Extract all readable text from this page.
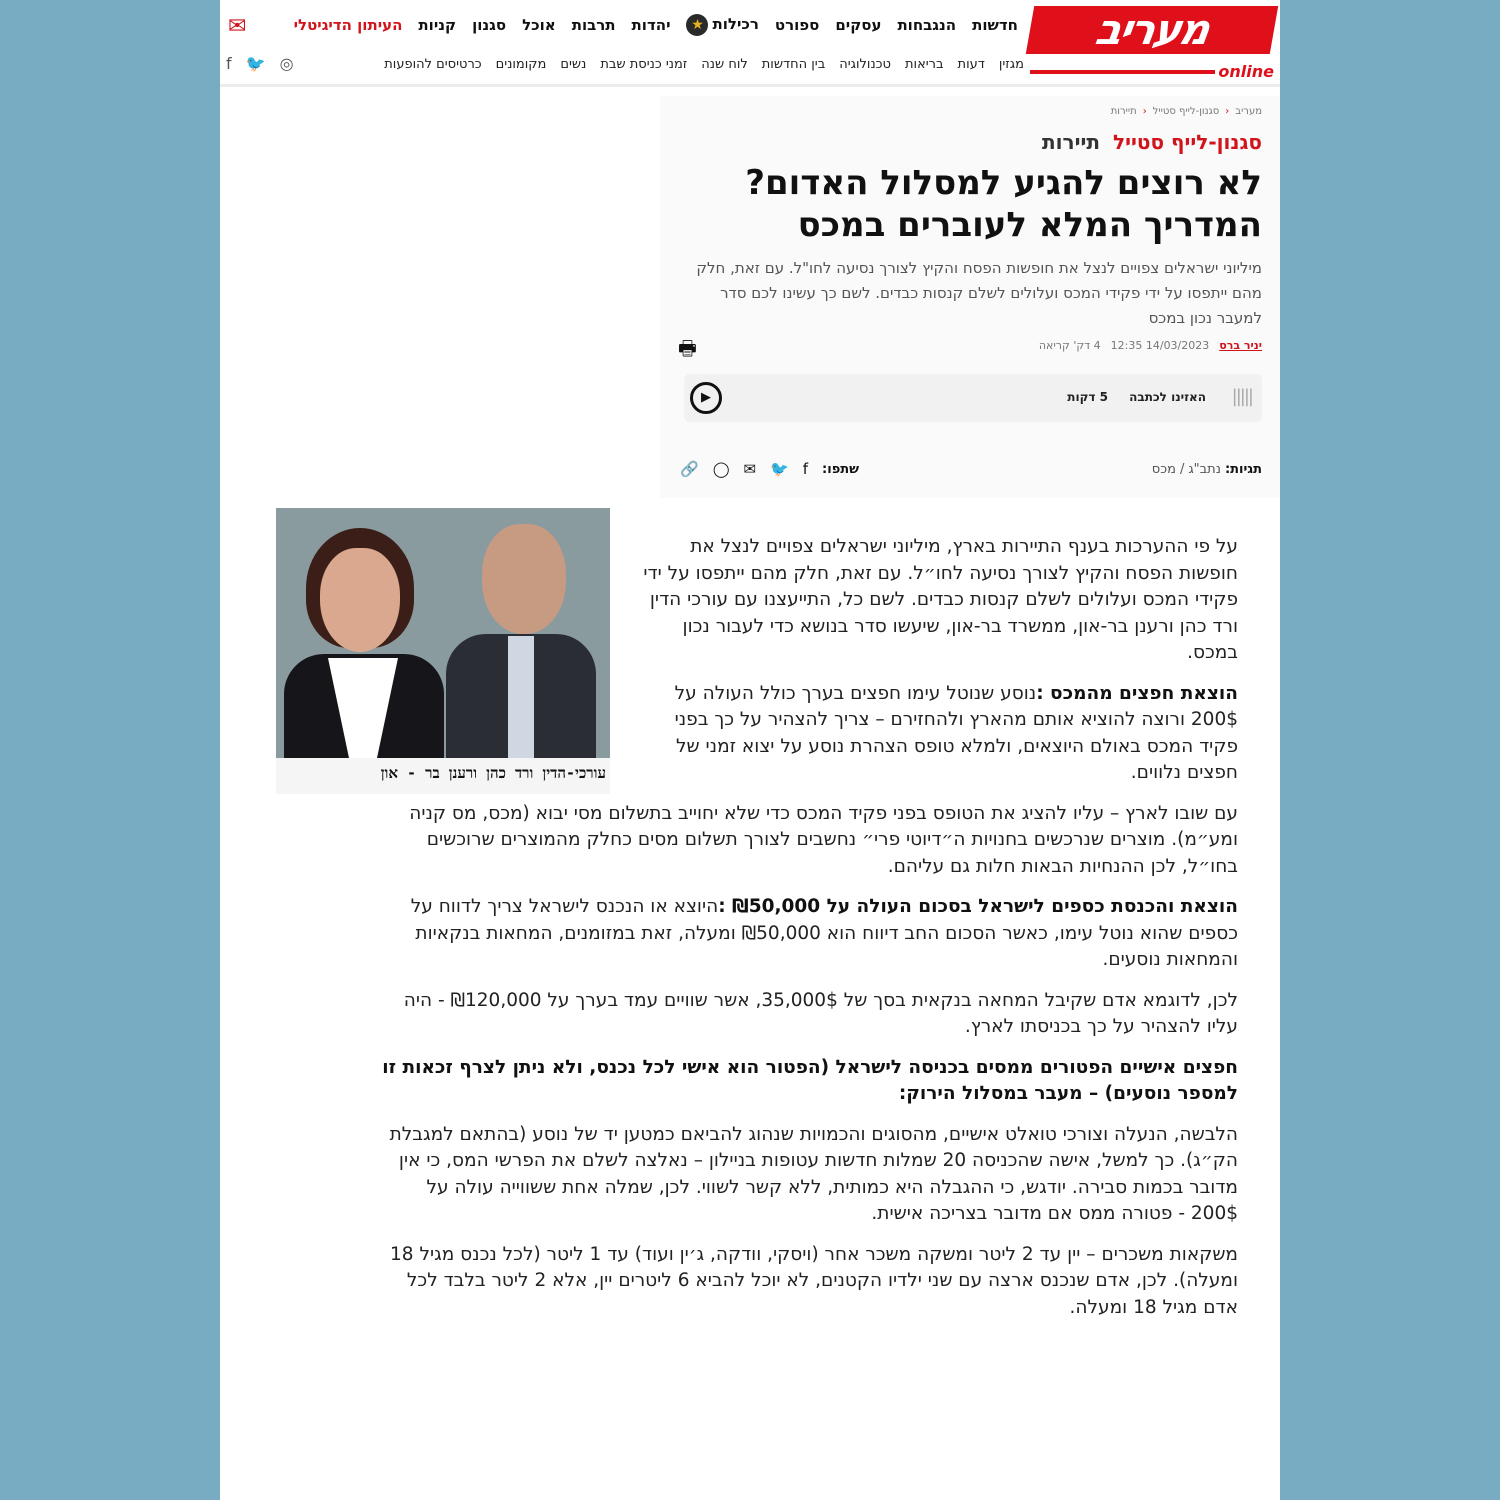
מעריב
online
חדשות
הנגבחות
עסקים
ספורט
רכילות★
יהדות
תרבות
אוכל
סגנון
קניות
העיתון הדיגיטלי
מגזין
דעות
בריאות
טכנולוגיה
בין החדשות
לוח שנה
זמני כניסת שבת
נשים
מקומונים
כרטיסים להופעות
✉
◎
🐦
f
מעריב
‹
סגנון-לייף סטייל
‹
תיירות
סגנון-לייף סטייל תיירות
לא רוצים להגיע למסלול האדום? המדריך המלא לעוברים במכס
מיליוני ישראלים צפויים לנצל את חופשות הפסח והקיץ לצורך נסיעה לחו"ל. עם זאת, חלק מהם ייתפסו על ידי פקידי המכס ועלולים לשלם קנסות כבדים. לשם כך עשינו לכם סדר למעבר נכון במכס
יניר ברס
14/03/2023 12:35
4 דק' קריאה
🖶
|||||
האזינו לכתבה
5 דקות
▶
תגיות:
נתב"ג
/
מכס
שתפו:
f
🐦
✉
◯
🔗
עורכי-הדין ורד כהן ורענן בר - און

על פי ההערכות בענף התיירות בארץ, מיליוני ישראלים צפויים לנצל את חופשות הפסח והקיץ לצורך נסיעה לחו״ל. עם זאת, חלק מהם ייתפסו על ידי פקידי המכס ועלולים לשלם קנסות כבדים. לשם כל, התייעצנו עם עורכי הדין ורד כהן ורענן בר-און, ממשרד בר-און, שיעשו סדר בנושא כדי לעבור נכון במכס.

הוצאת חפצים מהמכס :נוסע שנוטל עימו חפצים בערך כולל העולה על 200$ ורוצה להוציא אותם מהארץ ולהחזירם – צריך להצהיר על כך בפני פקיד המכס באולם היוצאים, ולמלא טופס הצהרת נוסע על יצוא זמני של חפצים נלווים.

עם שובו לארץ – עליו להציג את הטופס בפני פקיד המכס כדי שלא יחוייב בתשלום מסי יבוא (מכס, מס קניה ומע״מ). מוצרים שנרכשים בחנויות ה״דיוטי פרי״ נחשבים לצורך תשלום מסים כחלק מהמוצרים שרוכשים בחו״ל, לכן ההנחיות הבאות חלות גם עליהם.

הוצאת והכנסת כספים לישראל בסכום העולה על ₪50,000 :היוצא או הנכנס לישראל צריך לדווח על כספים שהוא נוטל עימו, כאשר הסכום החב דיווח הוא ₪50,000 ומעלה, זאת במזומנים, המחאות בנקאיות והמחאות נוסעים.

לכן, לדוגמא אדם שקיבל המחאה בנקאית בסך של 35,000$, אשר שוויים עמד בערך על ₪120,000 - היה עליו להצהיר על כך בכניסתו לארץ.

חפצים אישיים הפטורים ממסים בכניסה לישראל (הפטור הוא אישי לכל נכנס, ולא ניתן לצרף זכאות זו למספר נוסעים) – מעבר במסלול הירוק:

הלבשה, הנעלה וצורכי טואלט אישיים, מהסוגים והכמויות שנהוג להביאם כמטען יד של נוסע (בהתאם למגבלת הק״ג). כך למשל, אישה שהכניסה 20 שמלות חדשות עטופות בניילון – נאלצה לשלם את הפרשי המס, כי אין מדובר בכמות סבירה. יודגש, כי ההגבלה היא כמותית, ללא קשר לשווי. לכן, שמלה אחת ששווייה עולה על 200$ - פטורה ממס אם מדובר בצריכה אישית.

משקאות משכרים – יין עד 2 ליטר ומשקה משכר אחר (ויסקי, וודקה, ג׳ין ועוד) עד 1 ליטר (לכל נכנס מגיל 18 ומעלה). לכן, אדם שנכנס ארצה עם שני ילדיו הקטנים, לא יוכל להביא 6 ליטרים יין, אלא 2 ליטר בלבד לכל אדם מגיל 18 ומעלה.
